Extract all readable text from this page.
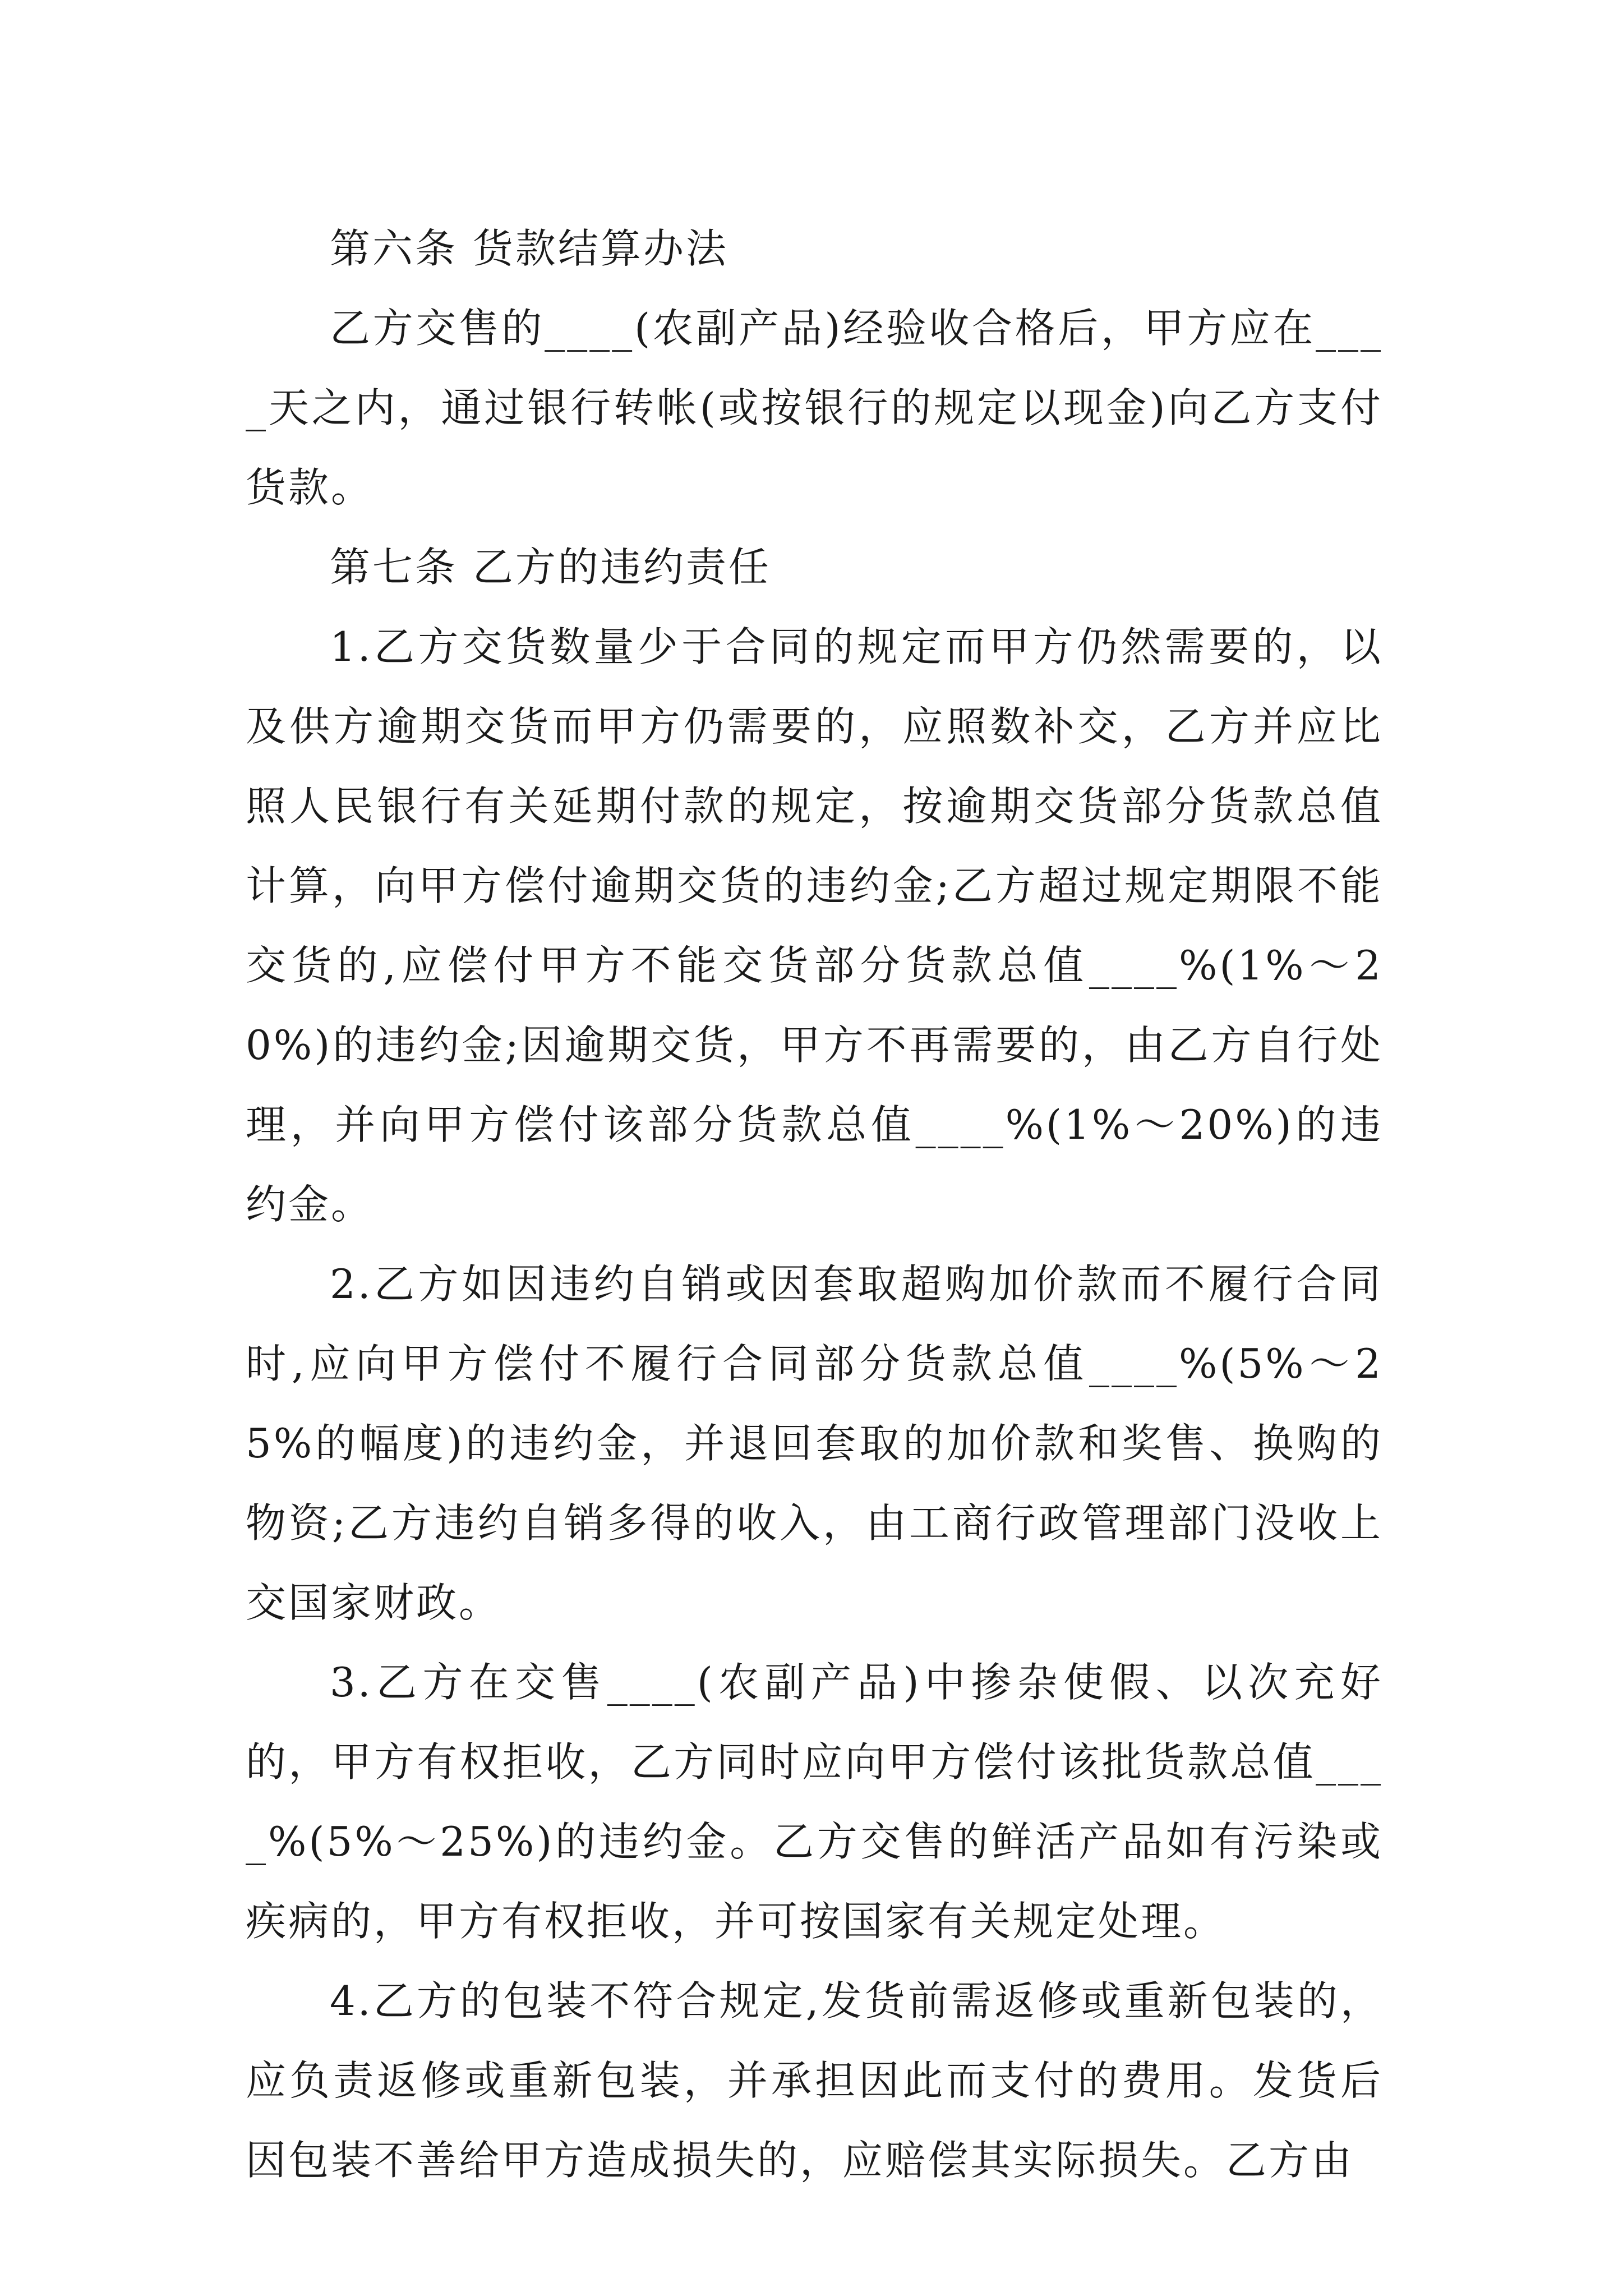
第六条 货款结算办法

乙方交售的____(农副产品)经验收合格后，甲方应在____天之内，通过银行转帐(或按银行的规定以现金)向乙方支付货款。

第七条 乙方的违约责任

1.乙方交货数量少于合同的规定而甲方仍然需要的，以及供方逾期交货而甲方仍需要的，应照数补交，乙方并应比照人民银行有关延期付款的规定，按逾期交货部分货款总值计算，向甲方偿付逾期交货的违约金;乙方超过规定期限不能交货的,应偿付甲方不能交货部分货款总值____%(1%～20%)的违约金;因逾期交货，甲方不再需要的，由乙方自行处理，并向甲方偿付该部分货款总值____%(1%～20%)的违约金。

2.乙方如因违约自销或因套取超购加价款而不履行合同时,应向甲方偿付不履行合同部分货款总值____%(5%～25%的幅度)的违约金，并退回套取的加价款和奖售、换购的物资;乙方违约自销多得的收入，由工商行政管理部门没收上交国家财政。

3.乙方在交售____(农副产品)中掺杂使假、以次充好的，甲方有权拒收，乙方同时应向甲方偿付该批货款总值____%(5%～25%)的违约金。乙方交售的鲜活产品如有污染或疾病的，甲方有权拒收，并可按国家有关规定处理。

4.乙方的包装不符合规定,发货前需返修或重新包装的，应负责返修或重新包装，并承担因此而支付的费用。发货后因包装不善给甲方造成损失的，应赔偿其实际损失。乙方由
